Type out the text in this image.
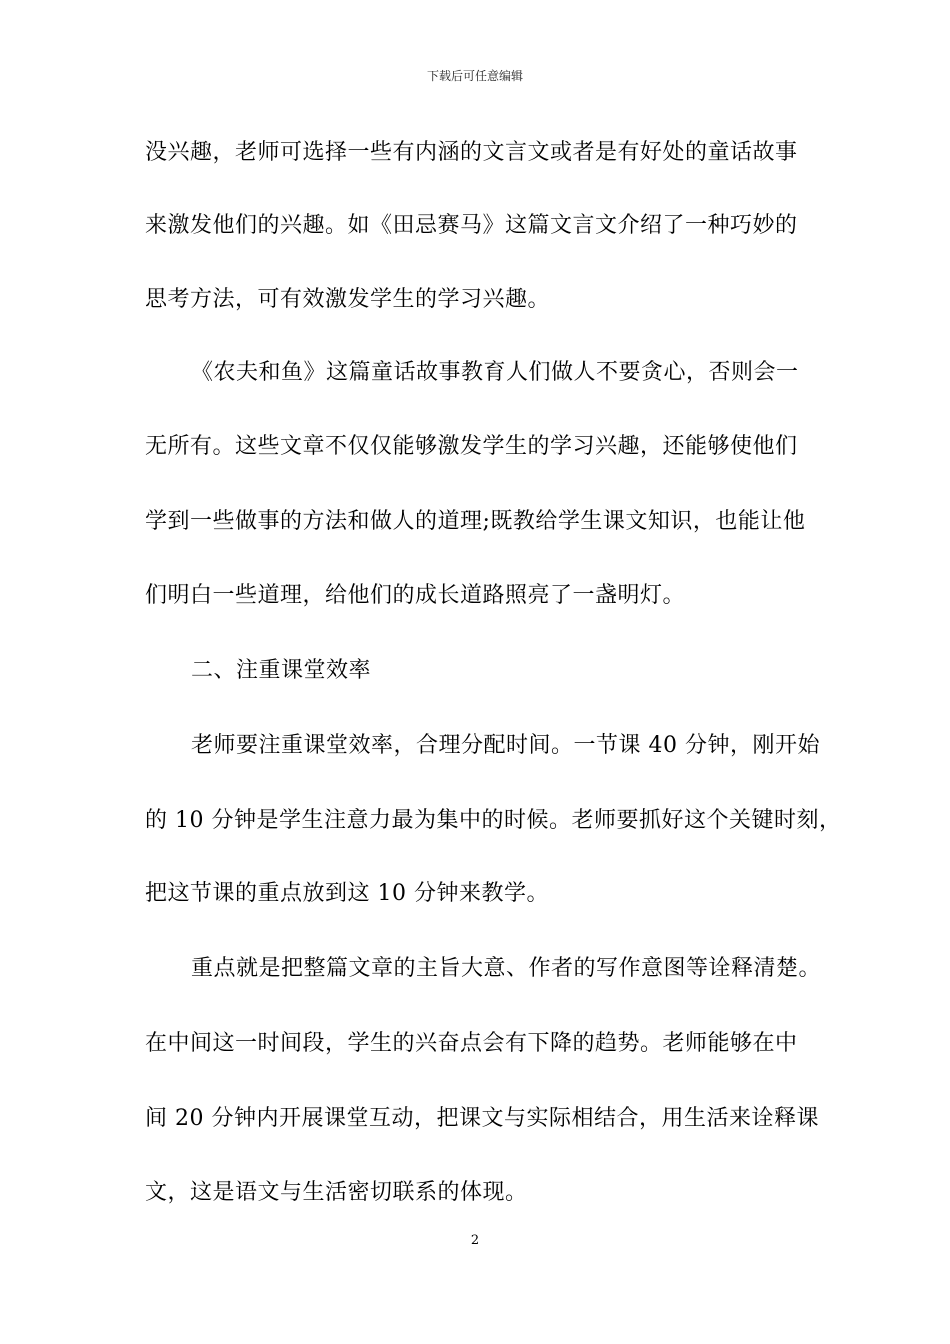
下载后可任意编辑
没兴趣，老师可选择一些有内涵的文言文或者是有好处的童话故事
来激发他们的兴趣。如《田忌赛马》这篇文言文介绍了一种巧妙的
思考方法，可有效激发学生的学习兴趣。
《农夫和鱼》这篇童话故事教育人们做人不要贪心，否则会一
无所有。这些文章不仅仅能够激发学生的学习兴趣，还能够使他们
学到一些做事的方法和做人的道理;既教给学生课文知识，也能让他
们明白一些道理，给他们的成长道路照亮了一盏明灯。
二、注重课堂效率
老师要注重课堂效率，合理分配时间。一节课 40 分钟，刚开始
的 10 分钟是学生注意力最为集中的时候。老师要抓好这个关键时刻，
把这节课的重点放到这 10 分钟来教学。
重点就是把整篇文章的主旨大意、作者的写作意图等诠释清楚。
在中间这一时间段，学生的兴奋点会有下降的趋势。老师能够在中
间 20 分钟内开展课堂互动，把课文与实际相结合，用生活来诠释课
文，这是语文与生活密切联系的体现。
2
